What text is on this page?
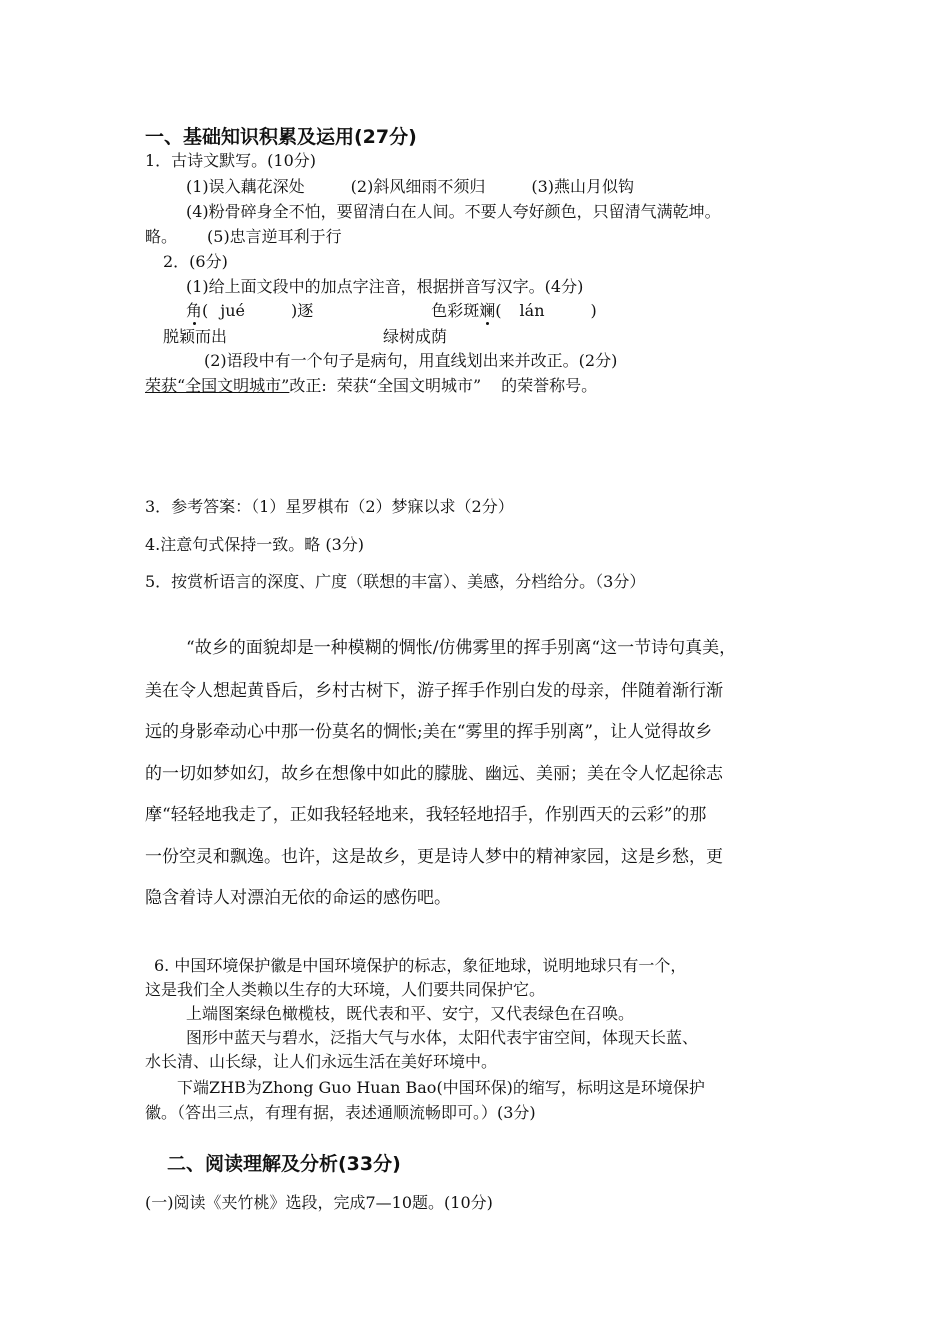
一、基础知识积累及运用(27分)
1．古诗文默写。(10分)
(1)误入藕花深处	(2)斜风细雨不须归	(3)燕山月似钩
(4)粉骨碎身全不怕，要留清白在人间。不要人夸好颜色，只留清气满乾坤。
略。 (5)忠言逆耳利于行
2．(6分)
(1)给上面文段中的加点字注音，根据拼音写汉字。(4分)
角( jué	)逐	色彩斑斓( lán	)
脱颖而出	绿树成荫
(2)语段中有一个句子是病句，用直线划出来并改正。(2分)
荣获“全国文明城市”改正: 荣获“全国文明城市” 的荣誉称号。
3．参考答案：（1）星罗棋布（2）梦寐以求（2分）
4.注意句式保持一致。略 (3分)
5．按赏析语言的深度、广度（联想的丰富）、美感，分档给分。（3分）
“故乡的面貌却是一种模糊的惆怅/仿佛雾里的挥手别离“这一节诗句真美，
美在令人想起黄昏后，乡村古树下，游子挥手作别白发的母亲，伴随着渐行渐
远的身影牵动心中那一份莫名的惆怅;美在“雾里的挥手别离”，让人觉得故乡
的一切如梦如幻，故乡在想像中如此的朦胧、幽远、美丽；美在令人忆起徐志
摩“轻轻地我走了，正如我轻轻地来，我轻轻地招手，作别西天的云彩”的那
一份空灵和飘逸。也许，这是故乡，更是诗人梦中的精神家园，这是乡愁，更
隐含着诗人对漂泊无依的命运的感伤吧。
6. 中国环境保护徽是中国环境保护的标志，象征地球，说明地球只有一个，
这是我们全人类赖以生存的大环境，人们要共同保护它。
上端图案绿色橄榄枝，既代表和平、安宁，又代表绿色在召唤。
图形中蓝天与碧水，泛指大气与水体，太阳代表宇宙空间，体现天长蓝、
水长清、山长绿，让人们永远生活在美好环境中。
下端ZHB为Zhong Guo Huan Bao(中国环保)的缩写，标明这是环境保护
徽。（答出三点，有理有据，表述通顺流畅即可。）(3分)
二、阅读理解及分析(33分)
(一)阅读《夹竹桃》选段，完成7—10题。(10分)
